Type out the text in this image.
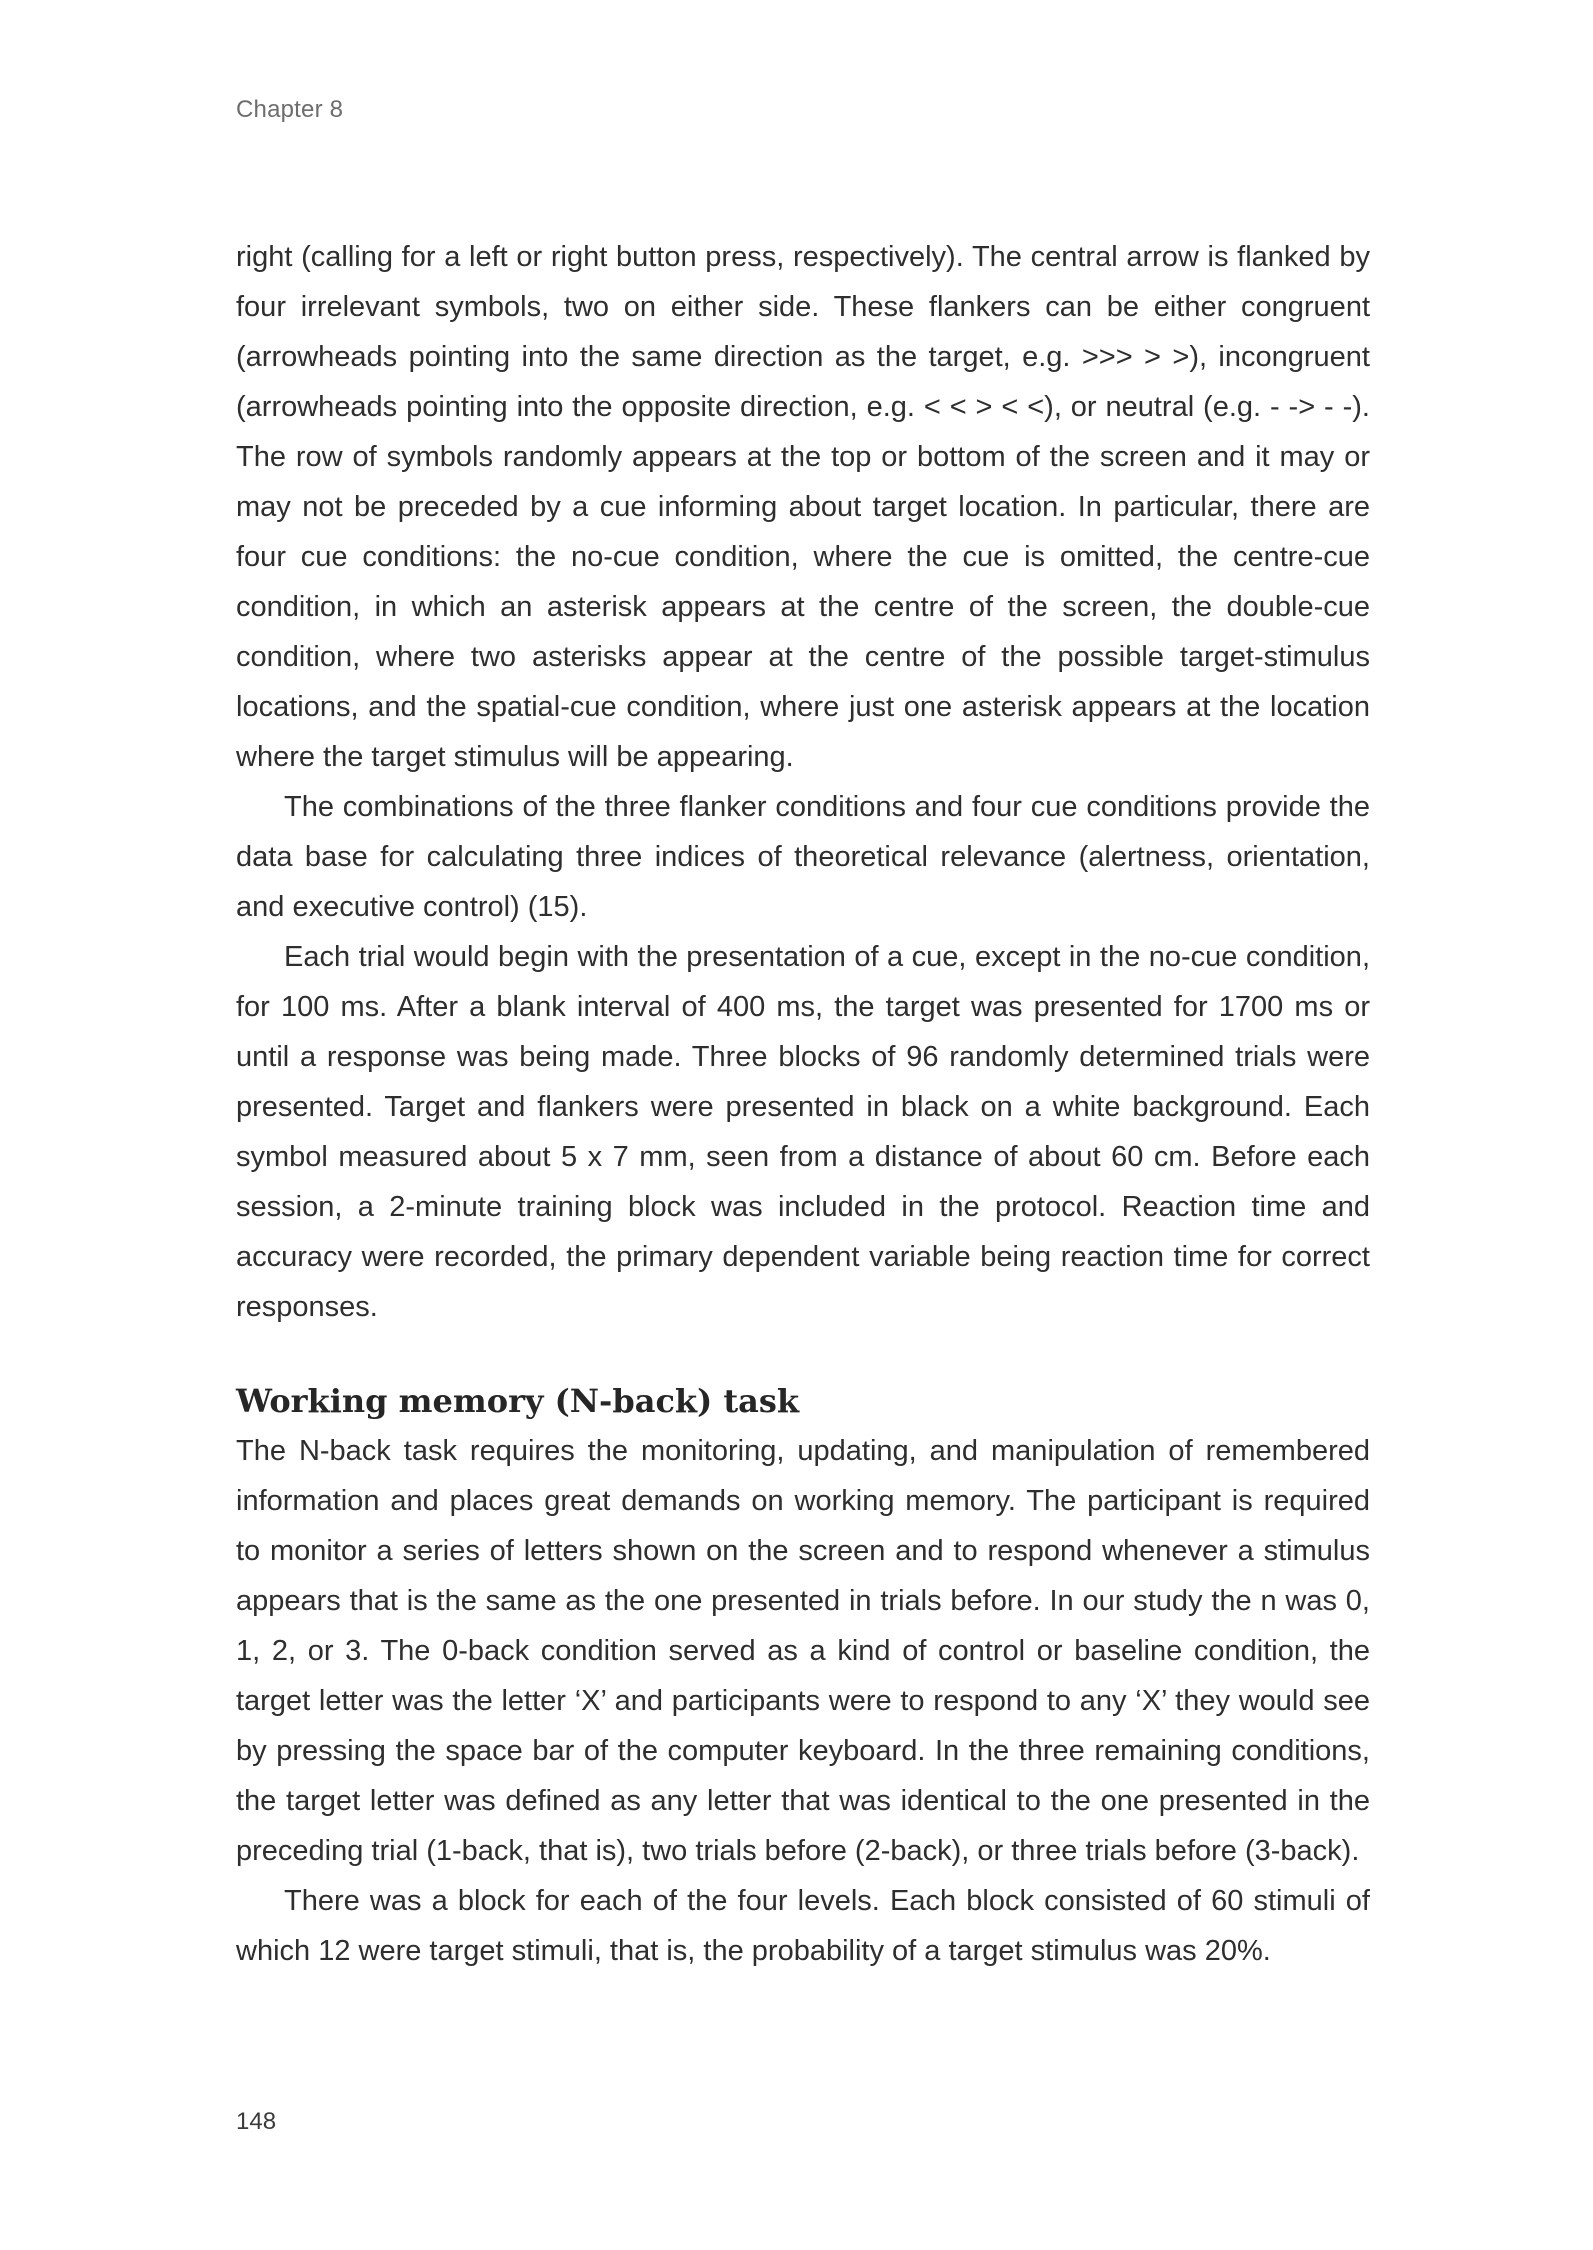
Chapter 8

right (calling for a left or right button press, respectively). The central arrow is flanked by four irrelevant symbols, two on either side. These flankers can be either congruent (arrowheads pointing into the same direction as the target, e.g. >>> > >), incongruent (arrowheads pointing into the opposite direction, e.g. < < > < <), or neutral (e.g. - -> - -). The row of symbols randomly appears at the top or bottom of the screen and it may or may not be preceded by a cue informing about target location. In particular, there are four cue conditions: the no-cue condition, where the cue is omitted, the centre-cue condition, in which an asterisk appears at the centre of the screen, the double-cue condition, where two asterisks appear at the centre of the possible target-stimulus locations, and the spatial-cue condition, where just one asterisk appears at the location where the target stimulus will be appearing.

The combinations of the three flanker conditions and four cue conditions provide the data base for calculating three indices of theoretical relevance (alertness, orientation, and executive control) (15).

Each trial would begin with the presentation of a cue, except in the no-cue condition, for 100 ms. After a blank interval of 400 ms, the target was presented for 1700 ms or until a response was being made. Three blocks of 96 randomly determined trials were presented. Target and flankers were presented in black on a white background. Each symbol measured about 5 x 7 mm, seen from a distance of about 60 cm. Before each session, a 2-minute training block was included in the protocol. Reaction time and accuracy were recorded, the primary dependent variable being reaction time for correct responses.

Working memory (N-back) task

The N-back task requires the monitoring, updating, and manipulation of remembered information and places great demands on working memory. The participant is required to monitor a series of letters shown on the screen and to respond whenever a stimulus appears that is the same as the one presented in trials before. In our study the n was 0, 1, 2, or 3. The 0-back condition served as a kind of control or baseline condition, the target letter was the letter ‘X’ and participants were to respond to any ‘X’ they would see by pressing the space bar of the computer keyboard. In the three remaining conditions, the target letter was defined as any letter that was identical to the one presented in the preceding trial (1-back, that is), two trials before (2-back), or three trials before (3-back).

There was a block for each of the four levels. Each block consisted of 60 stimuli of which 12 were target stimuli, that is, the probability of a target stimulus was 20%.

148
